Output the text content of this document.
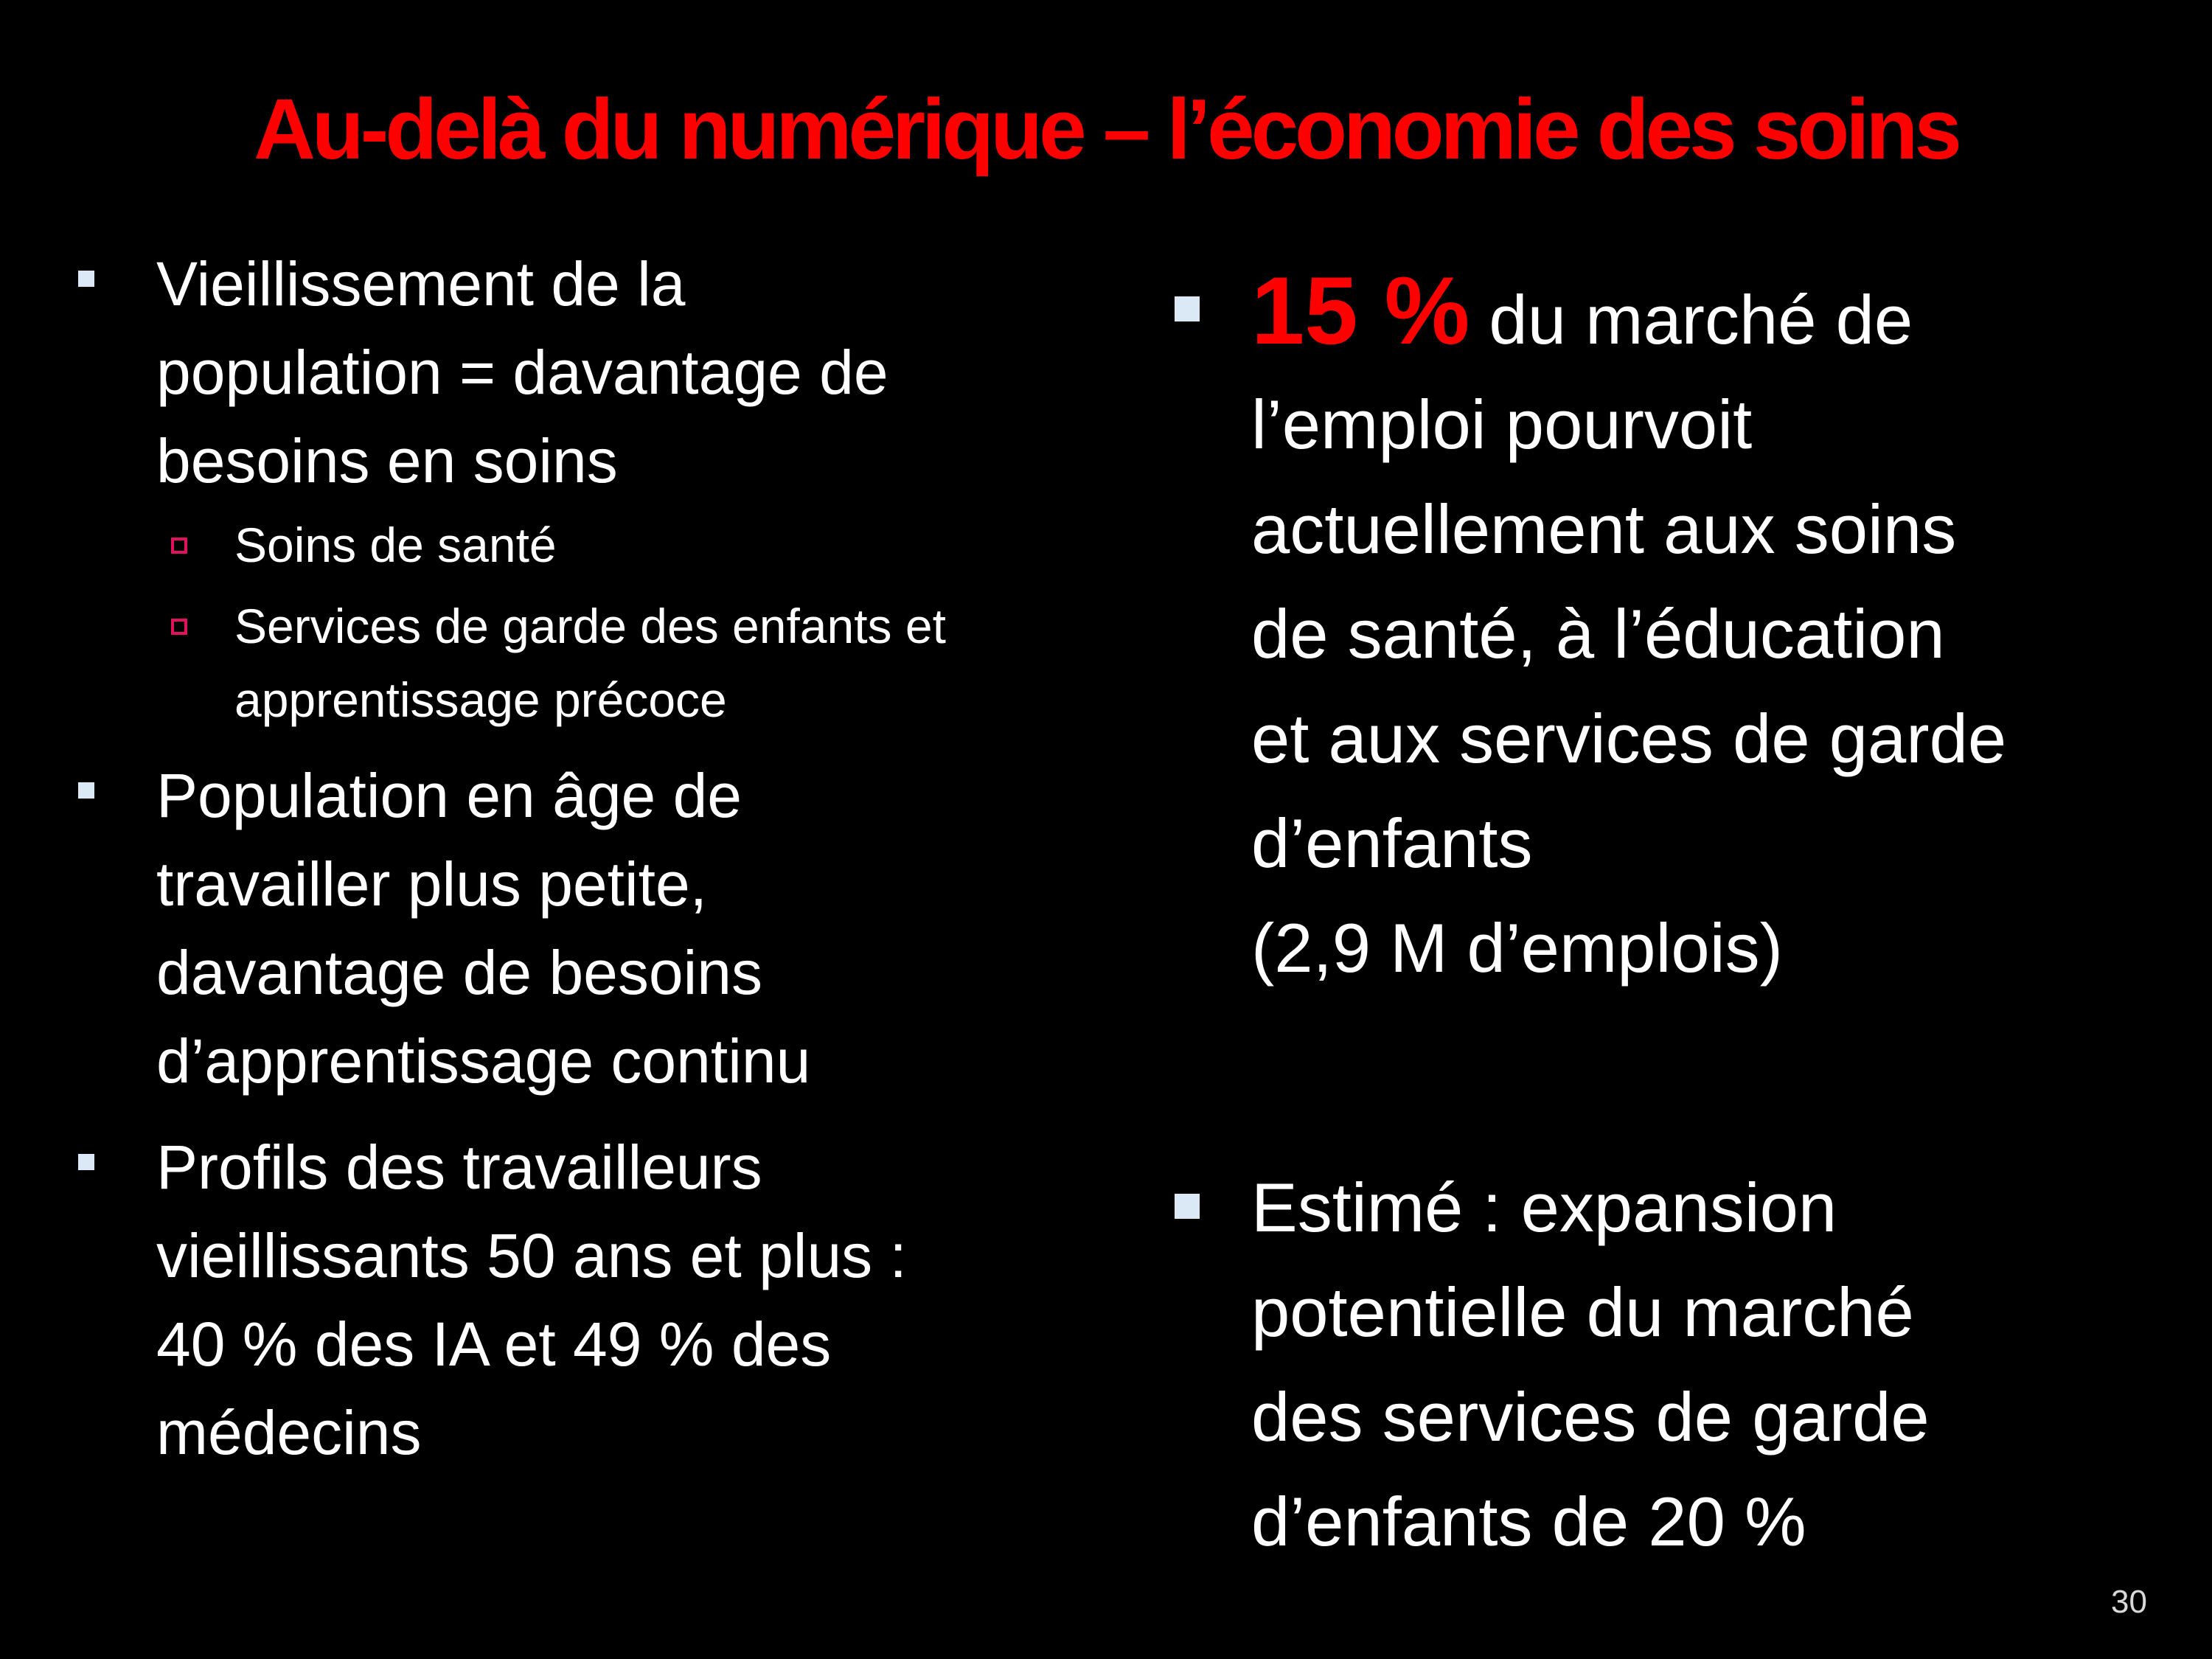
Au-delà du numérique – l’économie des soins
Vieillissement de la
population = davantage de
besoins en soins
Soins de santé
Services de garde des enfants et
apprentissage précoce
Population en âge de
travailler plus petite,
davantage de besoins
d’apprentissage continu
Profils des travailleurs
vieillissants 50 ans et plus :
40 % des IA et 49 % des
médecins
15 % du marché de
l’emploi pourvoit
actuellement aux soins
de santé, à l’éducation
et aux services de garde
d’enfants
(2,9 M d’emplois)
Estimé : expansion
potentielle du marché
des services de garde
d’enfants de 20 %
30
